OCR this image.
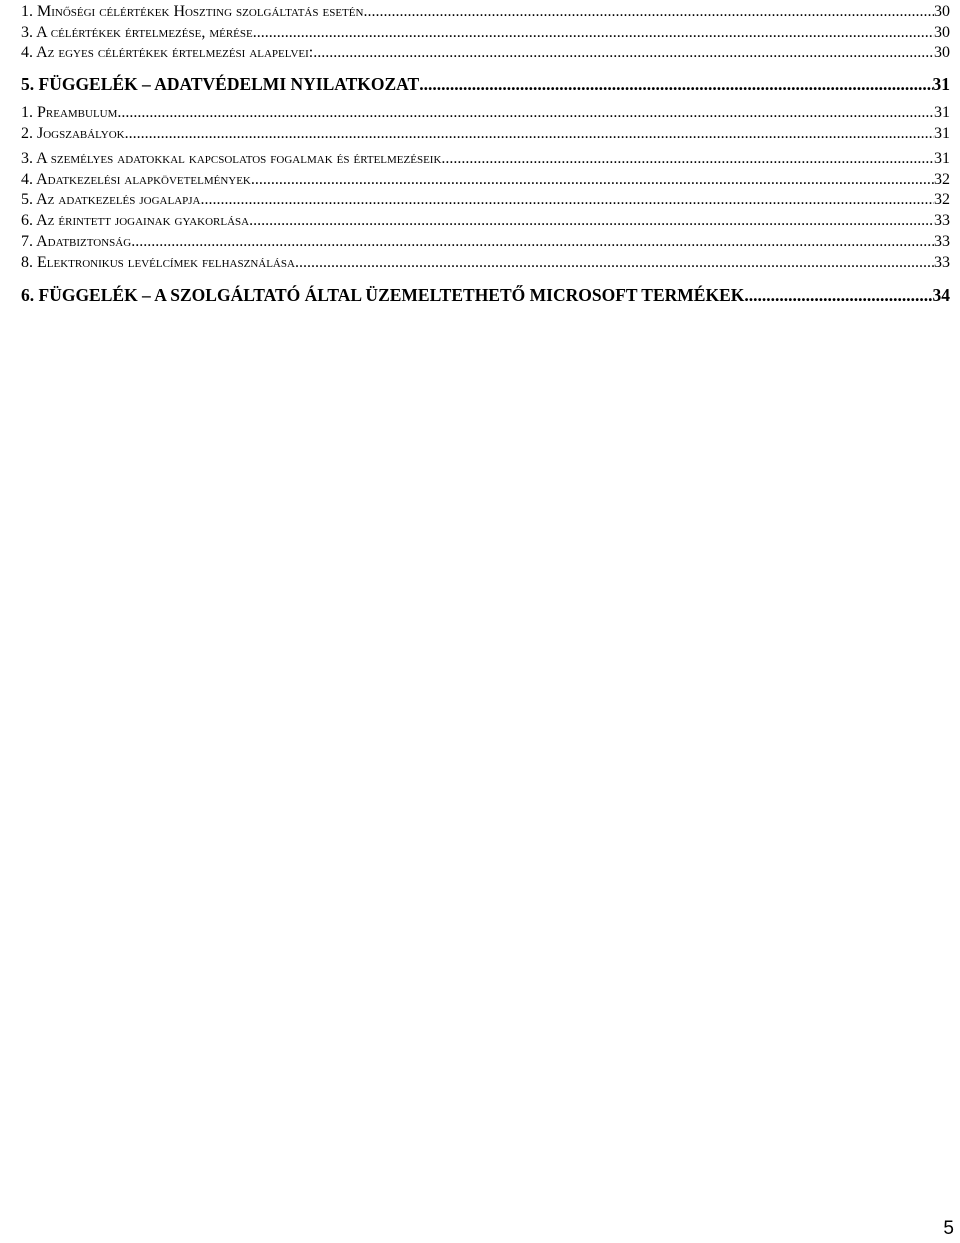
1. Minőségi célértékek Hoszting szolgáltatás esetén .....	30
3. A célértékek értelmezése, mérése .....	30
4. Az egyes célértékek értelmezési alapelvei: .....	30
5. FÜGGELÉK – ADATVÉDELMI NYILATKOZAT .....	31
1. Preambulum .....	31
2. Jogszabályok .....	31
3. A személyes adatokkal kapcsolatos fogalmak és értelmezéseik .....	31
4. Adatkezelési alapkövetelmények .....	32
5. Az adatkezelés jogalapja .....	32
6. Az érintett jogainak gyakorlása .....	33
7. Adatbiztonság .....	33
8. Elektronikus levélcímek felhasználása .....	33
6. FÜGGELÉK – A SZOLGÁLTATÓ ÁLTAL ÜZEMELTETHETŐ MICROSOFT TERMÉKEK .....	34
5
